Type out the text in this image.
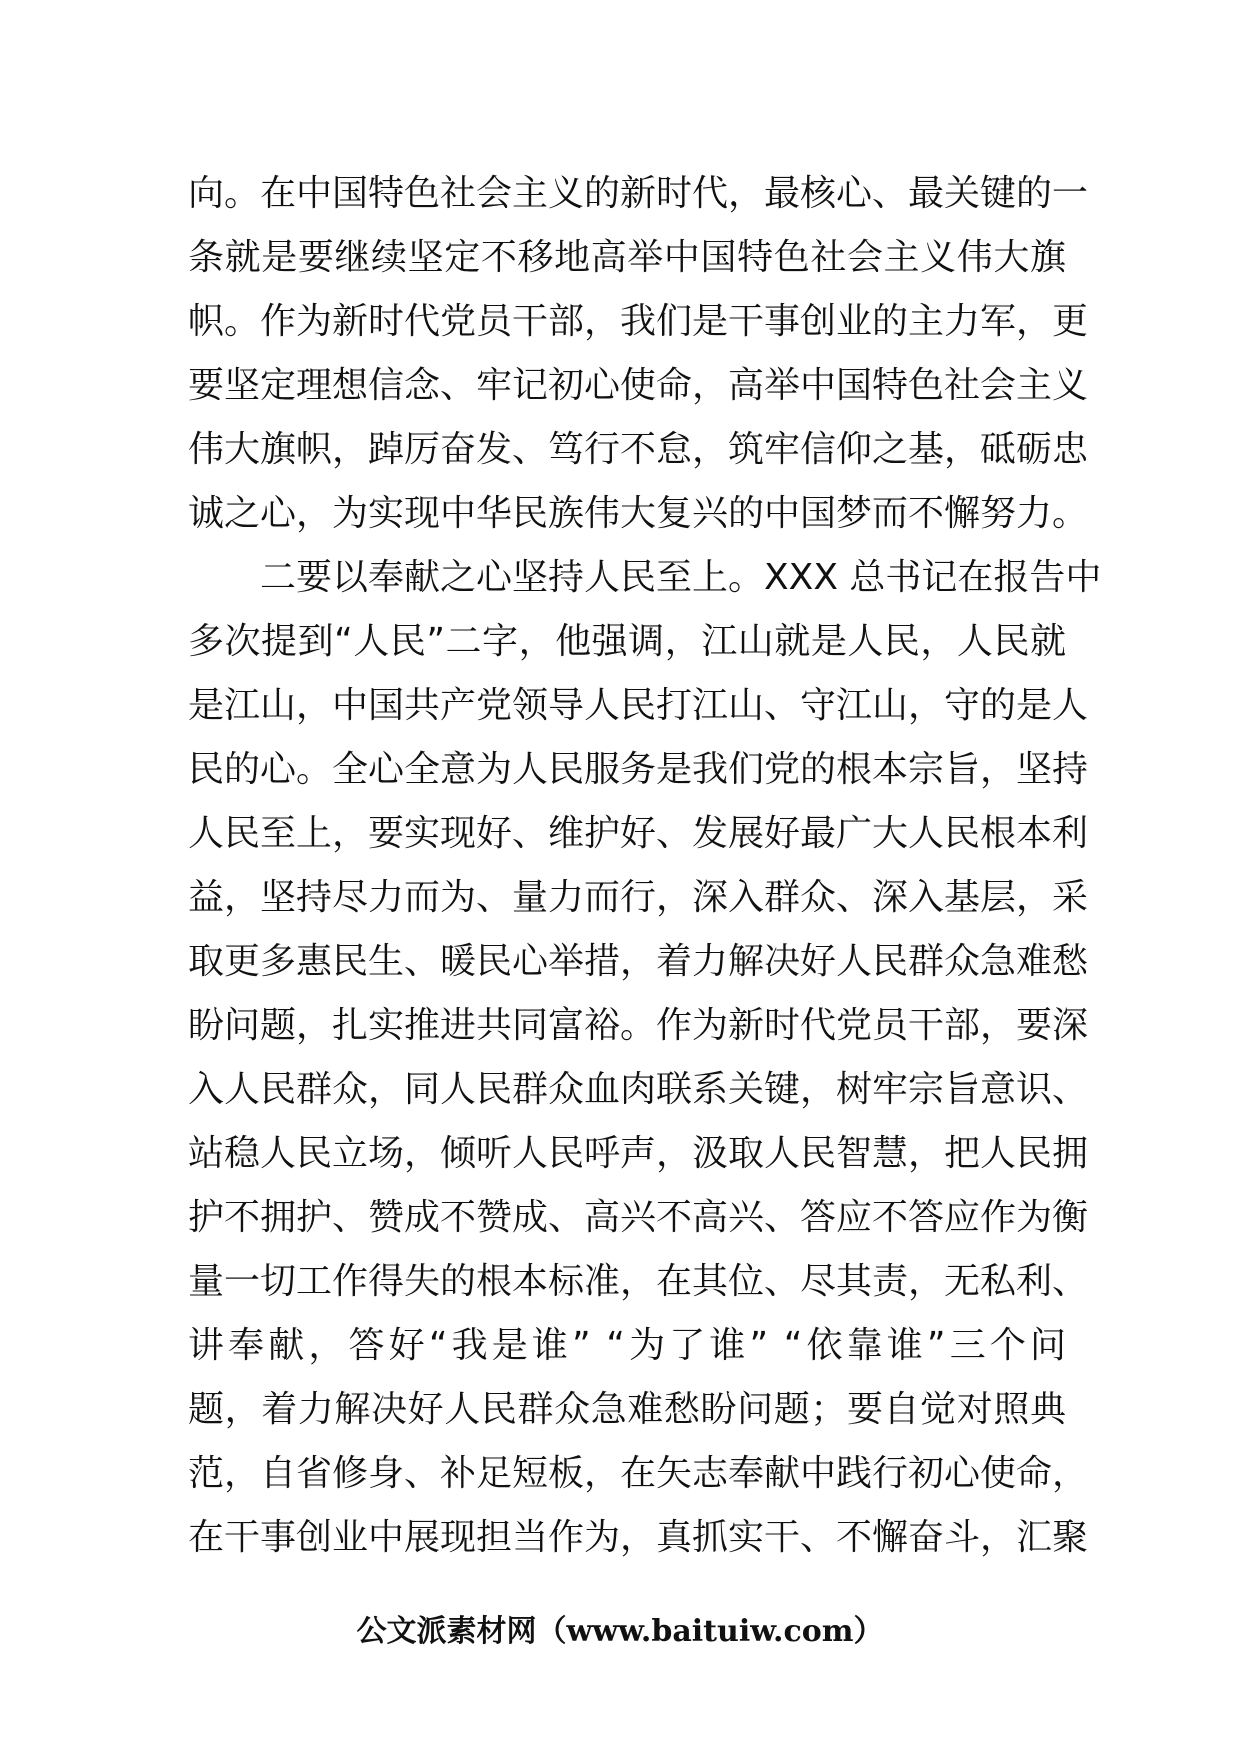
向。在中国特色社会主义的新时代，最核心、最关键的一
条就是要继续坚定不移地高举中国特色社会主义伟大旗
帜。作为新时代党员干部，我们是干事创业的主力军，更
要坚定理想信念、牢记初心使命，高举中国特色社会主义
伟大旗帜，踔厉奋发、笃行不怠，筑牢信仰之基，砥砺忠
诚之心，为实现中华民族伟大复兴的中国梦而不懈努力。
二要以奉献之心坚持人民至上。XXX 总书记在报告中
多次提到“人民”二字，他强调，江山就是人民，人民就
是江山，中国共产党领导人民打江山、守江山，守的是人
民的心。全心全意为人民服务是我们党的根本宗旨，坚持
人民至上，要实现好、维护好、发展好最广大人民根本利
益，坚持尽力而为、量力而行，深入群众、深入基层，采
取更多惠民生、暖民心举措，着力解决好人民群众急难愁
盼问题，扎实推进共同富裕。作为新时代党员干部，要深
入人民群众，同人民群众血肉联系关键，树牢宗旨意识、
站稳人民立场，倾听人民呼声，汲取人民智慧，把人民拥
护不拥护、赞成不赞成、高兴不高兴、答应不答应作为衡
量一切工作得失的根本标准，在其位、尽其责，无私利、
讲奉献，答好“我是谁” “为了谁” “依靠谁”三个问
题，着力解决好人民群众急难愁盼问题；要自觉对照典
范，自省修身、补足短板，在矢志奉献中践行初心使命，
在干事创业中展现担当作为，真抓实干、不懈奋斗，汇聚
公文派素材网（www.baituiw.com）
